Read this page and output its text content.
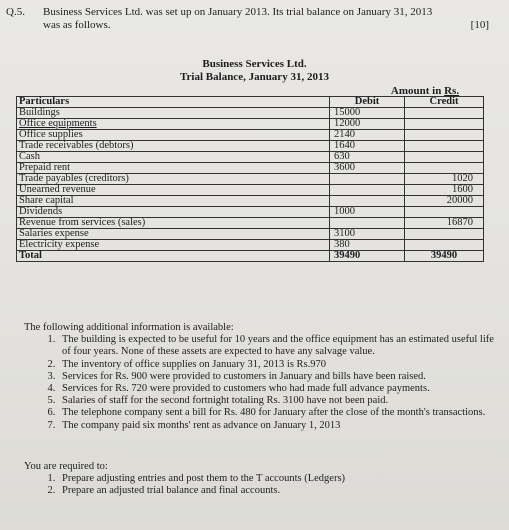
Q.5. Business Services Ltd. was set up on January 2013. Its trial balance on January 31, 2013
was as follows.	[10]
Business Services Ltd.
Trial Balance, January 31, 2013
Amount in Rs.
Particulars	Debit	Credit
Buildings	15000	
Office equipments	12000	
Office supplies	2140	
Trade receivables (debtors)	1640	
Cash	630	
Prepaid rent	3600	
Trade payables (creditors)		1020
Unearned revenue		1600
Share capital		20000
Dividends	1000	
Revenue from services (sales)		16870
Salaries expense	3100	
Electricity expense	380	
Total	39490	39490
The following additional information is available:
1. The building is expected to be useful for 10 years and the office equipment has an estimated useful life of four years. None of these assets are expected to have any salvage value.
2. The inventory of office supplies on January 31, 2013 is Rs.970
3. Services for Rs. 900 were provided to customers in January and bills have been raised.
4. Services for Rs. 720 were provided to customers who had made full advance payments.
5. Salaries of staff for the second fortnight totaling Rs. 3100 have not been paid.
6. The telephone company sent a bill for Rs. 480 for January after the close of the month's transactions.
7. The company paid six months' rent as advance on January 1, 2013
You are required to:
1. Prepare adjusting entries and post them to the T accounts (Ledgers)
2. Prepare an adjusted trial balance and final accounts.
